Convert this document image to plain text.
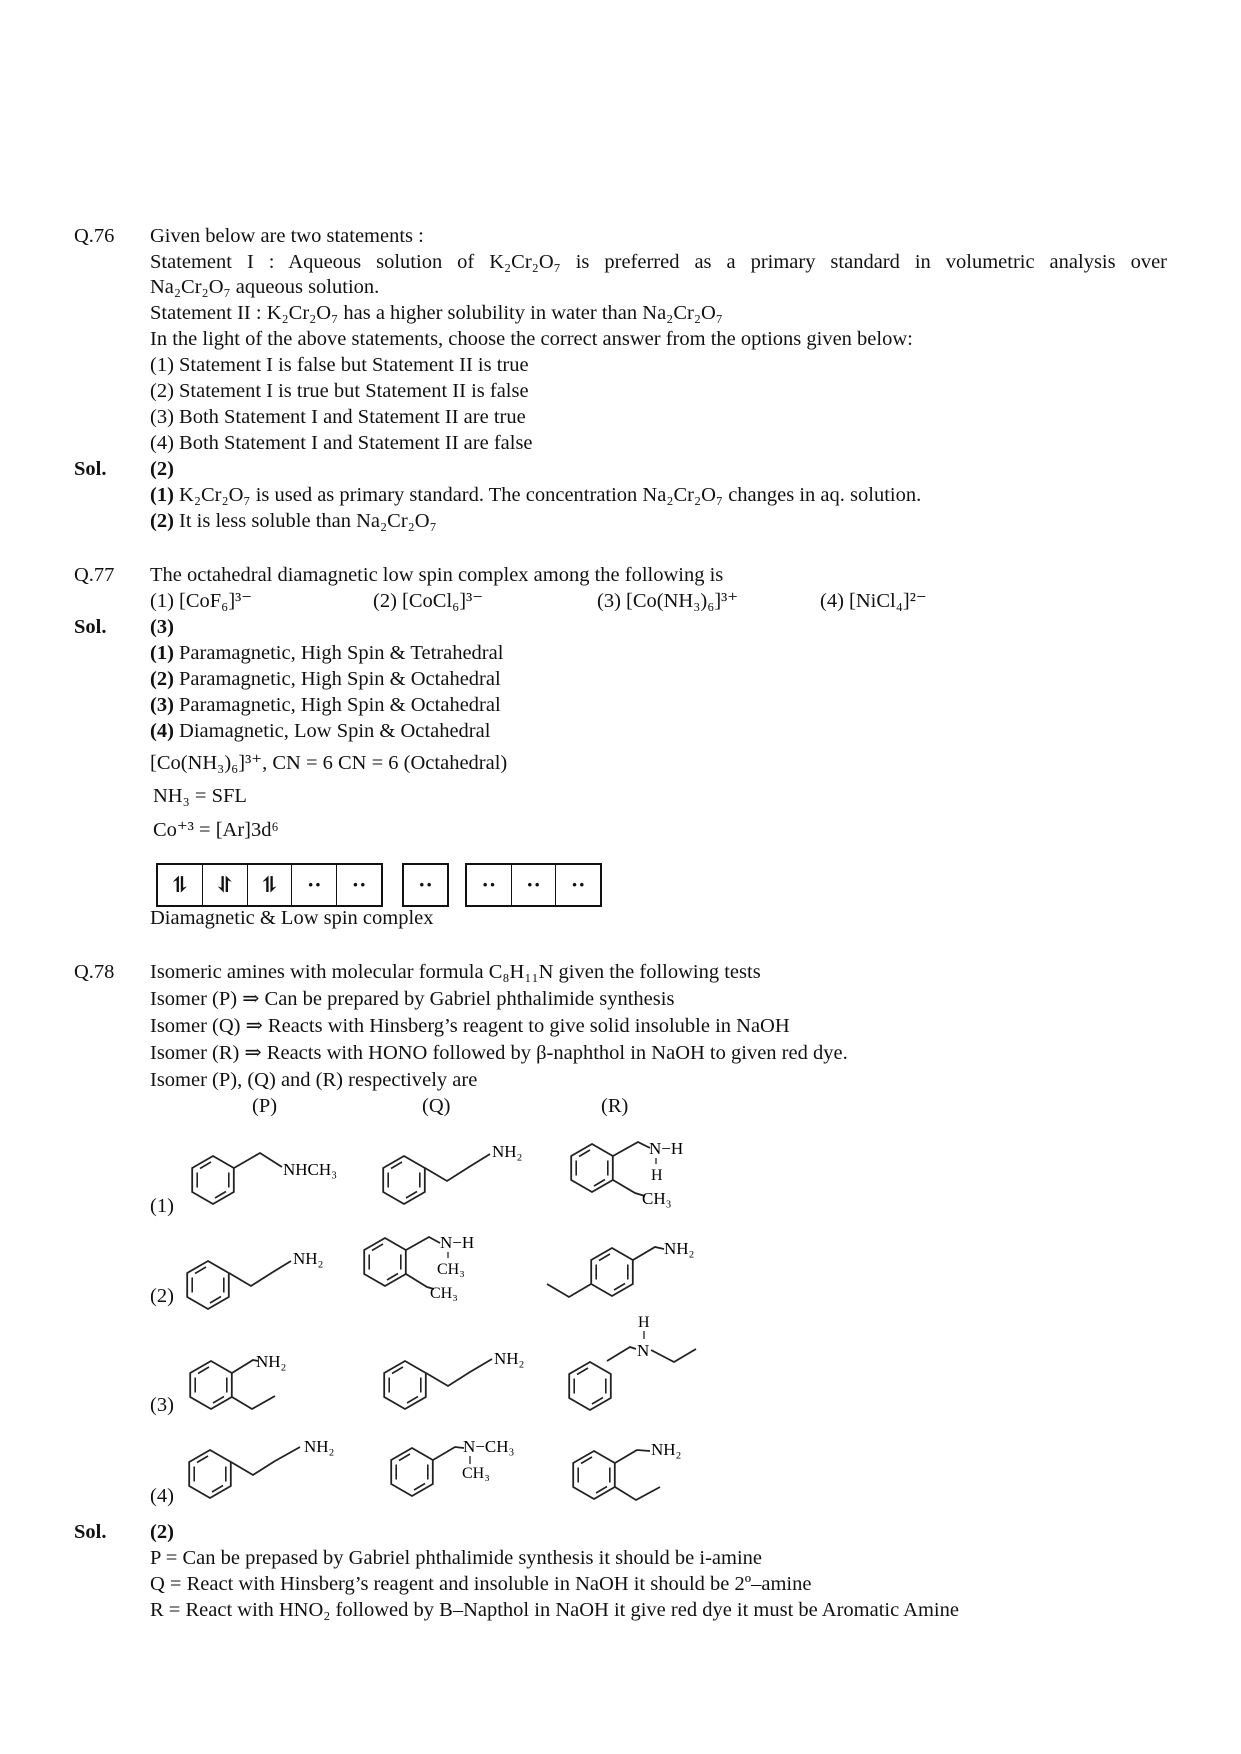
Q.76 Given below are two statements :
Statement I : Aqueous solution of K₂Cr₂O₇ is preferred as a primary standard in volumetric analysis over
Na₂Cr₂O₇ aqueous solution.
Statement II : K₂Cr₂O₇ has a higher solubility in water than Na₂Cr₂O₇
In the light of the above statements, choose the correct answer from the options given below:
(1) Statement I is false but Statement II is true
(2) Statement I is true but Statement II is false
(3) Both Statement I and Statement II are true
(4) Both Statement I and Statement II are false
Sol. (2)
(1) K₂Cr₂O₇ is used as primary standard. The concentration Na₂Cr₂O₇ changes in aq. solution.
(2) It is less soluble than Na₂Cr₂O₇
Q.77 The octahedral diamagnetic low spin complex among the following is
(1) [CoF₆]³⁻	(2) [CoCl₆]³⁻	(3) [Co(NH₃)₆]³⁺	(4) [NiCl₄]²⁻
Sol. (3)
(1) Paramagnetic, High Spin & Tetrahedral
(2) Paramagnetic, High Spin & Octahedral
(3) Paramagnetic, High Spin & Octahedral
(4) Diamagnetic, Low Spin & Octahedral
[Co(NH₃)₆]³⁺, CN = 6 CN = 6 (Octahedral)
NH₃ = SFL
Co⁺³ = [Ar]3d⁶
⥮	⥯	⥮	··	··	··	··	··	··
Diamagnetic & Low spin complex
Q.78 Isomeric amines with molecular formula C₈H₁₁N given the following tests
Isomer (P) ⇒ Can be prepared by Gabriel phthalimide synthesis
Isomer (Q) ⇒ Reacts with Hinsberg’s reagent to give solid insoluble in NaOH
Isomer (R) ⇒ Reacts with HONO followed by β-naphthol in NaOH to given red dye.
Isomer (P), (Q) and (R) respectively are
(P)	(Q)	(R)
(1)
(2)
(3)
(4)
NHCH₃
NH₂	N−H
H
CH₃
NH₂
N−H
CH₃
CH₃
NH₂
NH₂	NH₂
H
N
NH₂	N−CH₃
CH₃
NH₂
Sol. (2)
P = Can be prepased by Gabriel phthalimide synthesis it should be i-amine
Q = React with Hinsberg’s reagent and insoluble in NaOH it should be 2º–amine
R = React with HNO₂ followed by B–Napthol in NaOH it give red dye it must be Aromatic Amine
